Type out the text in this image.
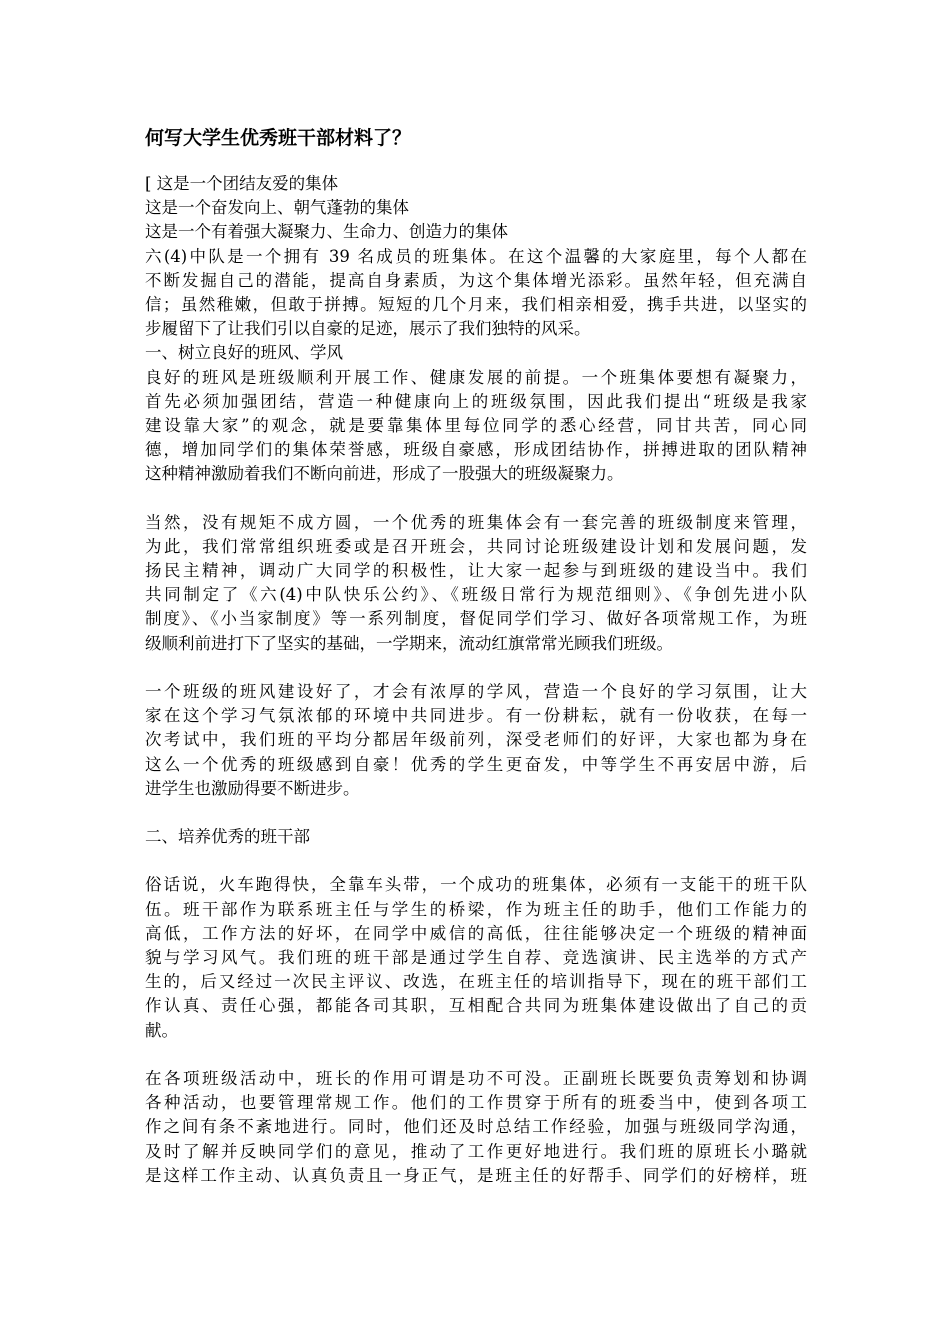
何写大学生优秀班干部材料了？
[ 这是一个团结友爱的集体
这是一个奋发向上、朝气蓬勃的集体
这是一个有着强大凝聚力、生命力、创造力的集体
六(4)中队是一个拥有 39 名成员的班集体。在这个温馨的大家庭里，每个人都在
不断发掘自己的潜能，提高自身素质，为这个集体增光添彩。虽然年轻，但充满自
信；虽然稚嫩，但敢于拼搏。短短的几个月来，我们相亲相爱，携手共进，以坚实的
步履留下了让我们引以自豪的足迹，展示了我们独特的风采。
一、树立良好的班风、学风
良好的班风是班级顺利开展工作、健康发展的前提。一个班集体要想有凝聚力，
首先必须加强团结，营造一种健康向上的班级氛围，因此我们提出“班级是我家
建设靠大家”的观念，就是要靠集体里每位同学的悉心经营，同甘共苦，同心同
德，增加同学们的集体荣誉感，班级自豪感，形成团结协作，拼搏进取的团队精神
这种精神激励着我们不断向前进，形成了一股强大的班级凝聚力。
当然，没有规矩不成方圆，一个优秀的班集体会有一套完善的班级制度来管理，
为此，我们常常组织班委或是召开班会，共同讨论班级建设计划和发展问题，发
扬民主精神，调动广大同学的积极性，让大家一起参与到班级的建设当中。我们
共同制定了《六(4)中队快乐公约》、《班级日常行为规范细则》、《争创先进小队
制度》、《小当家制度》等一系列制度，督促同学们学习、做好各项常规工作，为班
级顺利前进打下了坚实的基础，一学期来，流动红旗常常光顾我们班级。
一个班级的班风建设好了，才会有浓厚的学风，营造一个良好的学习氛围，让大
家在这个学习气氛浓郁的环境中共同进步。有一份耕耘，就有一份收获，在每一
次考试中，我们班的平均分都居年级前列，深受老师们的好评，大家也都为身在
这么一个优秀的班级感到自豪！优秀的学生更奋发，中等学生不再安居中游，后
进学生也激励得要不断进步。
二、培养优秀的班干部
俗话说，火车跑得快，全靠车头带，一个成功的班集体，必须有一支能干的班干队
伍。班干部作为联系班主任与学生的桥梁，作为班主任的助手，他们工作能力的
高低，工作方法的好坏，在同学中威信的高低，往往能够决定一个班级的精神面
貌与学习风气。我们班的班干部是通过学生自荐、竞选演讲、民主选举的方式产
生的，后又经过一次民主评议、改选，在班主任的培训指导下，现在的班干部们工
作认真、责任心强，都能各司其职，互相配合共同为班集体建设做出了自己的贡
献。
在各项班级活动中，班长的作用可谓是功不可没。正副班长既要负责筹划和协调
各种活动，也要管理常规工作。他们的工作贯穿于所有的班委当中，使到各项工
作之间有条不紊地进行。同时，他们还及时总结工作经验，加强与班级同学沟通，
及时了解并反映同学们的意见，推动了工作更好地进行。我们班的原班长小璐就
是这样工作主动、认真负责且一身正气，是班主任的好帮手、同学们的好榜样，班
